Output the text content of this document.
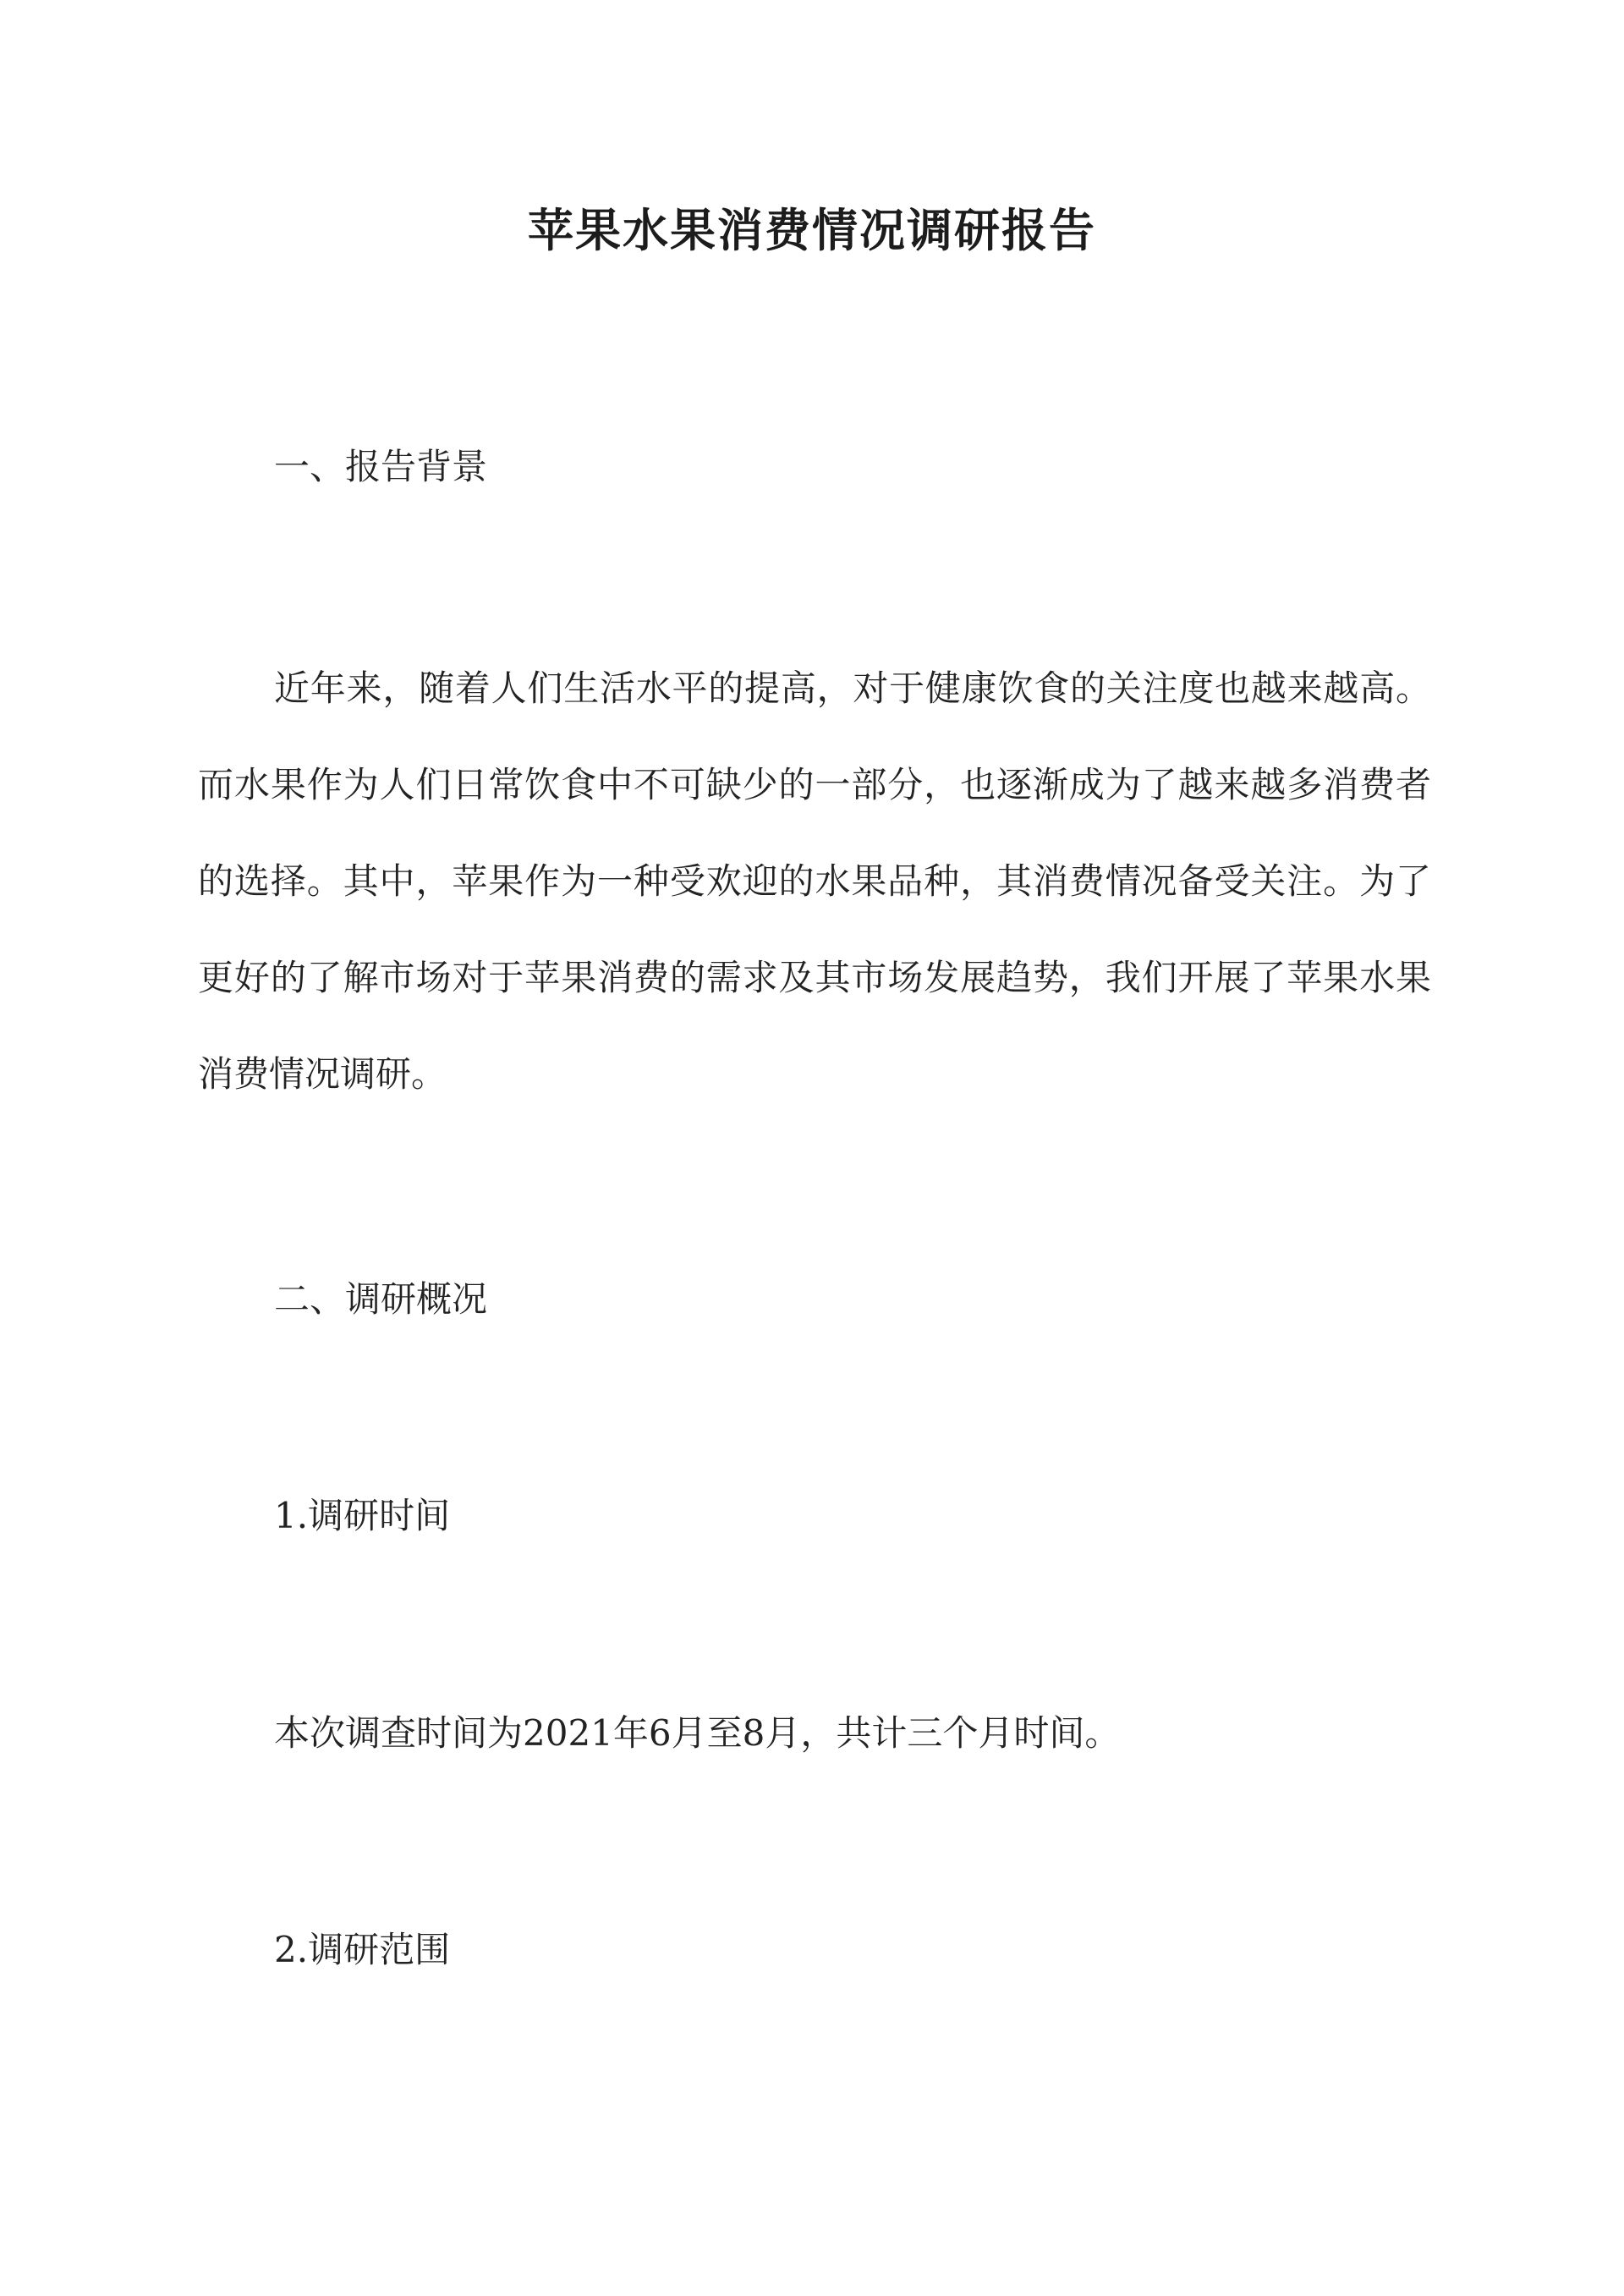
苹果水果消费情况调研报告
一、报告背景

近年来，随着人们生活水平的提高，对于健康饮食的关注度也越来越高。而水果作为人们日常饮食中不可缺少的一部分，也逐渐成为了越来越多消费者的选择。其中，苹果作为一种受欢迎的水果品种，其消费情况备受关注。为了更好的了解市场对于苹果消费的需求及其市场发展趋势，我们开展了苹果水果消费情况调研。

二、调研概况
1.调研时间
本次调查时间为2021年6月至8月，共计三个月时间。
2.调研范围
